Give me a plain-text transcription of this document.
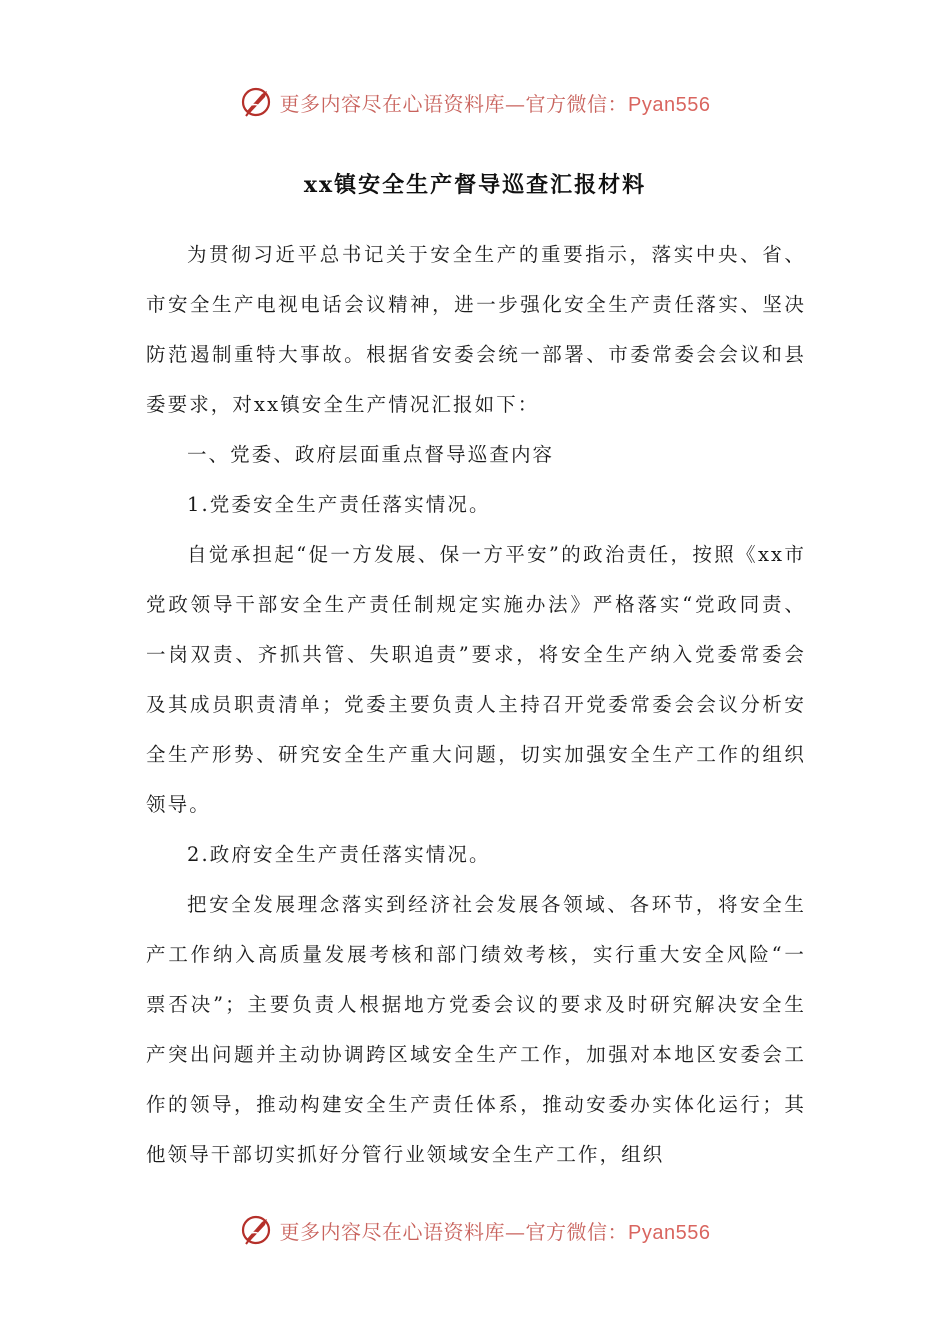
更多内容尽在心语资料库—官方微信：Pyan556
xx镇安全生产督导巡查汇报材料

为贯彻习近平总书记关于安全生产的重要指示，落实中央、省、市安全生产电视电话会议精神，进一步强化安全生产责任落实、坚决防范遏制重特大事故。根据省安委会统一部署、市委常委会会议和县委要求，对xx镇安全生产情况汇报如下：

一、党委、政府层面重点督导巡查内容

1.党委安全生产责任落实情况。

自觉承担起“促一方发展、保一方平安”的政治责任，按照《xx市党政领导干部安全生产责任制规定实施办法》严格落实“党政同责、一岗双责、齐抓共管、失职追责”要求，将安全生产纳入党委常委会及其成员职责清单；党委主要负责人主持召开党委常委会会议分析安全生产形势、研究安全生产重大问题，切实加强安全生产工作的组织领导。

2.政府安全生产责任落实情况。

把安全发展理念落实到经济社会发展各领域、各环节，将安全生产工作纳入高质量发展考核和部门绩效考核，实行重大安全风险“一票否决”；主要负责人根据地方党委会议的要求及时研究解决安全生产突出问题并主动协调跨区域安全生产工作，加强对本地区安委会工作的领导，推动构建安全生产责任体系，推动安委办实体化运行；其他领导干部切实抓好分管行业领域安全生产工作，组织

更多内容尽在心语资料库—官方微信：Pyan556
